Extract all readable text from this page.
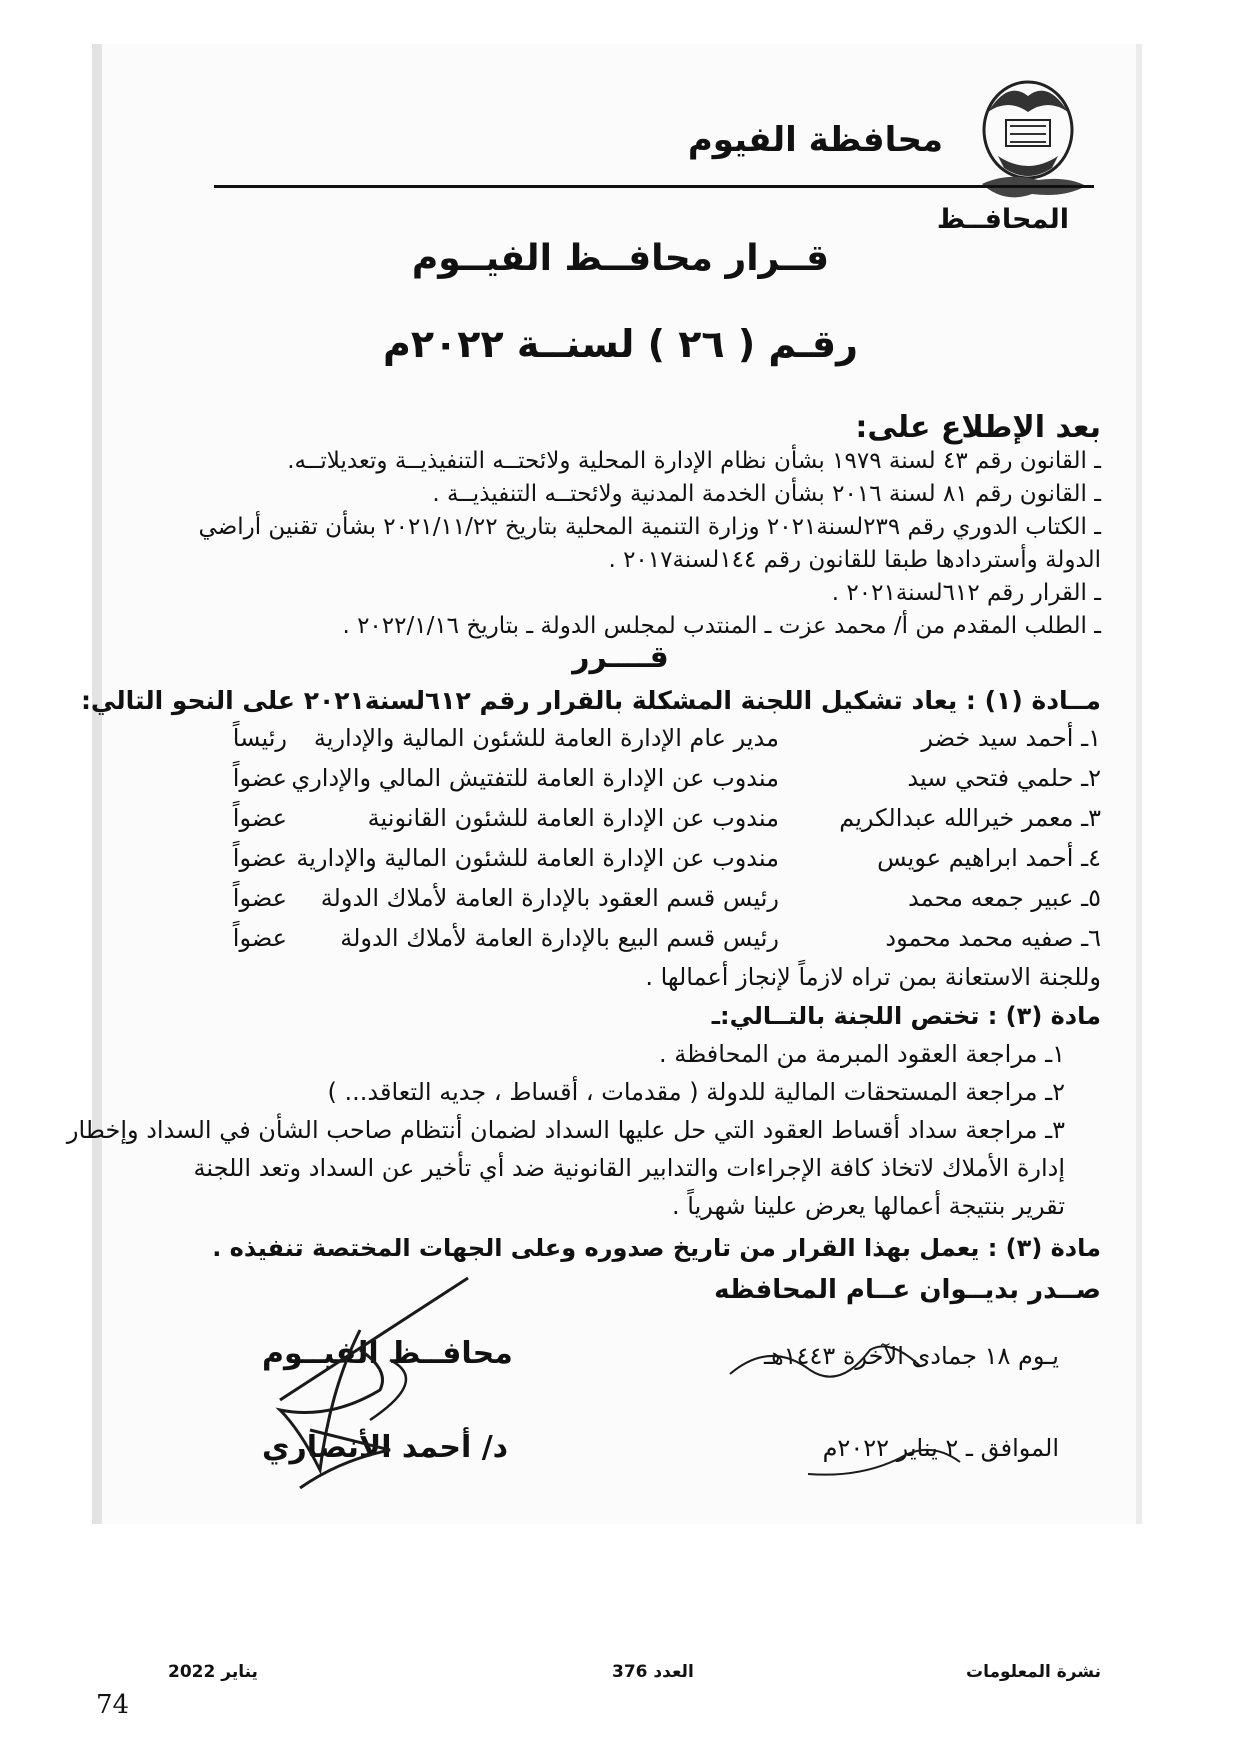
محافظة الفيوم
المحافــظ
قــرار محافــظ الفيــوم
رقـم ( ٢٦ ) لسنــة ٢٠٢٢م
بعد الإطلاع على:
ـ القانون رقم ٤٣ لسنة ١٩٧٩ بشأن نظام الإدارة المحلية ولائحتــه التنفيذيــة وتعديلاتــه.
ـ القانون رقم ٨١ لسنة ٢٠١٦ بشأن الخدمة المدنية ولائحتــه التنفيذيــة .
ـ الكتاب الدوري رقم ٢٣٩لسنة٢٠٢١ وزارة التنمية المحلية بتاريخ ٢٠٢١/١١/٢٢ بشأن تقنين أراضي
الدولة وأستردادها طبقا للقانون رقم ١٤٤لسنة٢٠١٧ .
ـ القرار رقم ٦١٢لسنة٢٠٢١ .
ـ الطلب المقدم من أ/ محمد عزت ـ المنتدب لمجلس الدولة ـ بتاريخ ٢٠٢٢/١/١٦ .
قــــرر
مــادة (١) : يعاد تشكيل اللجنة المشكلة بالقرار رقم ٦١٢لسنة٢٠٢١ على النحو التالي:
١ـ أحمد سيد خضر
مدير عام الإدارة العامة للشئون المالية والإدارية
رئيساً
٢ـ حلمي فتحي سيد
مندوب عن الإدارة العامة للتفتيش المالي والإداري
عضواً
٣ـ معمر خيرالله عبدالكريم
مندوب عن الإدارة العامة للشئون القانونية
عضواً
٤ـ أحمد ابراهيم عويس
مندوب عن الإدارة العامة للشئون المالية والإدارية
عضواً
٥ـ عبير جمعه محمد
رئيس قسم العقود بالإدارة العامة لأملاك الدولة
عضواً
٦ـ صفيه محمد محمود
رئيس قسم البيع بالإدارة العامة لأملاك الدولة
عضواً
وللجنة الاستعانة بمن تراه لازماً لإنجاز أعمالها .
مادة (٣) : تختص اللجنة بالتــالي:ـ
١ـ مراجعة العقود المبرمة من المحافظة .
٢ـ مراجعة المستحقات المالية للدولة ( مقدمات ، أقساط ، جديه التعاقد... )
٣ـ مراجعة سداد أقساط العقود التي حل عليها السداد لضمان أنتظام صاحب الشأن في السداد وإخطار
إدارة الأملاك لاتخاذ كافة الإجراءات والتدابير القانونية ضد أي تأخير عن السداد وتعد اللجنة
تقرير بنتيجة أعمالها يعرض علينا شهرياً .
مادة (٣) : يعمل بهذا القرار من تاريخ صدوره وعلى الجهات المختصة تنفيذه .
صــدر بديــوان عــام المحافظه
محافــظ الفيــوم
د/ أحمد الأنصاري
يـوم ١٨ جمادى الآخرة ١٤٤٣هـ
الموافق ـ ٢ يناير ٢٠٢٢م
نشرة المعلومات
العدد 376
يناير 2022
74
